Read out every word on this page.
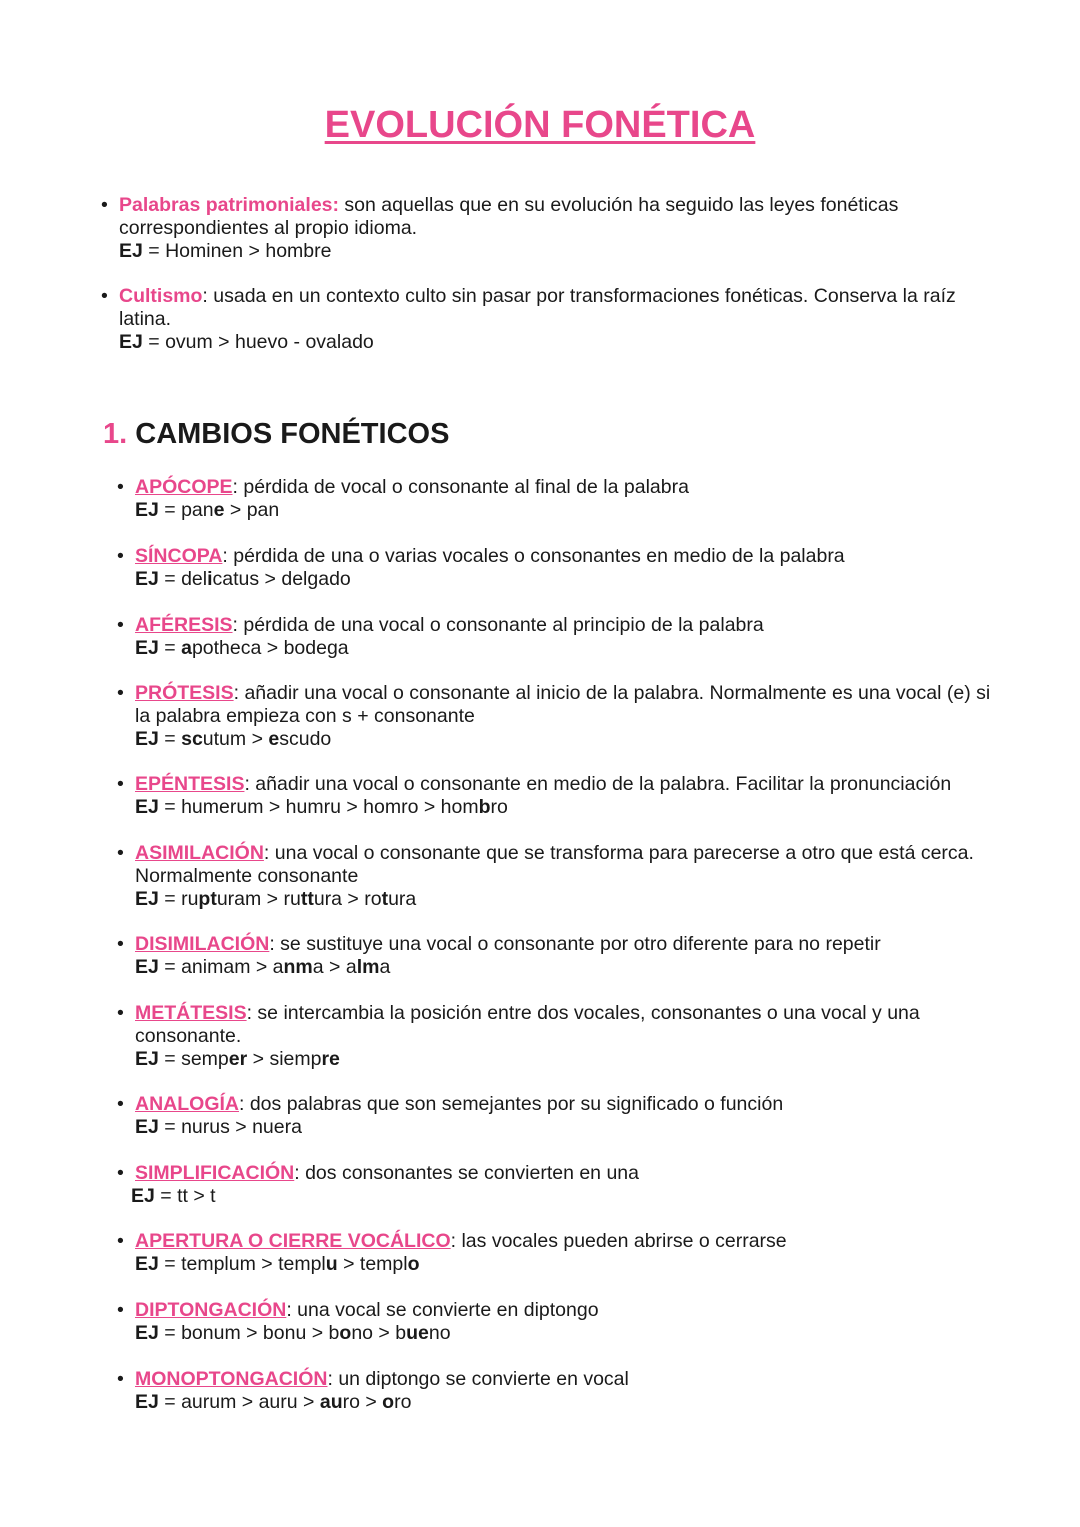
EVOLUCIÓN FONÉTICA
• Palabras patrimoniales: son aquellas que en su evolución ha seguido las leyes fonéticas correspondientes al propio idioma.
EJ = Hominen > hombre
• Cultismo: usada en un contexto culto sin pasar por transformaciones fonéticas. Conserva la raíz latina.
EJ = ovum > huevo - ovalado
1. CAMBIOS FONÉTICOS
• APÓCOPE: pérdida de vocal o consonante al final de la palabra
EJ = pane > pan
• SÍNCOPA: pérdida de una o varias vocales o consonantes en medio de la palabra
EJ = delicatus > delgado
• AFÉRESIS: pérdida de una vocal o consonante al principio de la palabra
EJ = apotheca > bodega
• PRÓTESIS: añadir una vocal o consonante al inicio de la palabra. Normalmente es una vocal (e) si la palabra empieza con s + consonante
EJ = scutum > escudo
• EPÉNTESIS: añadir una vocal o consonante en medio de la palabra. Facilitar la pronunciación
EJ = humerum > humru > homro > hombro
• ASIMILACIÓN: una vocal o consonante que se transforma para parecerse a otro que está cerca. Normalmente consonante
EJ = rupturam > ruttura > rotura
• DISIMILACIÓN: se sustituye una vocal o consonante por otro diferente para no repetir
EJ = animam > anma > alma
• METÁTESIS: se intercambia la posición entre dos vocales, consonantes o una vocal y una consonante.
EJ = semper > siempre
• ANALOGÍA: dos palabras que son semejantes por su significado o función
EJ = nurus > nuera
• SIMPLIFICACIÓN: dos consonantes se convierten en una
EJ = tt > t
• APERTURA O CIERRE VOCÁLICO: las vocales pueden abrirse o cerrarse
EJ = templum > templu > templo
• DIPTONGACIÓN: una vocal se convierte en diptongo
EJ = bonum > bonu > bono > bueno
• MONOPTONGACIÓN: un diptongo se convierte en vocal
EJ = aurum > auru > auro > oro
